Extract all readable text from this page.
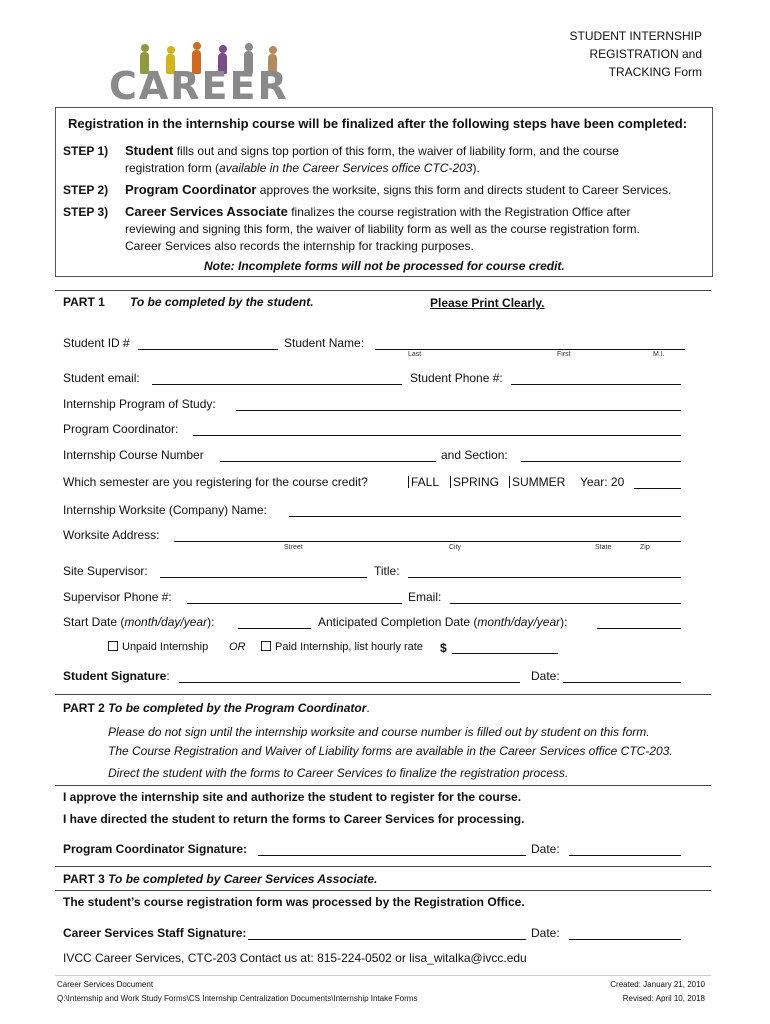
CAREER
STUDENT INTERNSHIP
REGISTRATION and
TRACKING Form
Registration in the internship course will be finalized after the following steps have been completed:
STEP 1) Student fills out and signs top portion of this form, the waiver of liability form, and the course
registration form (available in the Career Services office CTC-203).
STEP 2) Program Coordinator approves the worksite, signs this form and directs student to Career Services.
STEP 3) Career Services Associate finalizes the course registration with the Registration Office after
reviewing and signing this form, the waiver of liability form as well as the course registration form.
Career Services also records the internship for tracking purposes.
Note: Incomplete forms will not be processed for course credit.
PART 1 To be completed by the student.	Please Print Clearly.
Student ID #	Student Name:
Last	First	M.I.
Student email:	Student Phone #:
Internship Program of Study:
Program Coordinator:
Internship Course Number	and Section:
Which semester are you registering for the course credit?	FALL SPRING SUMMER Year: 20
Internship Worksite (Company) Name:
Worksite Address:
Street	City	State	Zip
Site Supervisor:	Title:
Supervisor Phone #:	Email:
Start Date (month/day/year):	Anticipated Completion Date (month/day/year):
Unpaid Internship OR	Paid Internship, list hourly rate $
Student Signature:	Date:
PART 2 To be completed by the Program Coordinator.
Please do not sign until the internship worksite and course number is filled out by student on this form.
The Course Registration and Waiver of Liability forms are available in the Career Services office CTC-203.
Direct the student with the forms to Career Services to finalize the registration process.
I approve the internship site and authorize the student to register for the course.
I have directed the student to return the forms to Career Services for processing.
Program Coordinator Signature:	Date:
PART 3 To be completed by Career Services Associate.
The student’s course registration form was processed by the Registration Office.
Career Services Staff Signature:	Date:
IVCC Career Services, CTC-203 Contact us at: 815-224-0502 or lisa_witalka@ivcc.edu
Career Services Document
Q:\Internship and Work Study Forms\CS Internship Centralization Documents\Internship Intake Forms
Created: January 21, 2010
Revised: April 10, 2018
